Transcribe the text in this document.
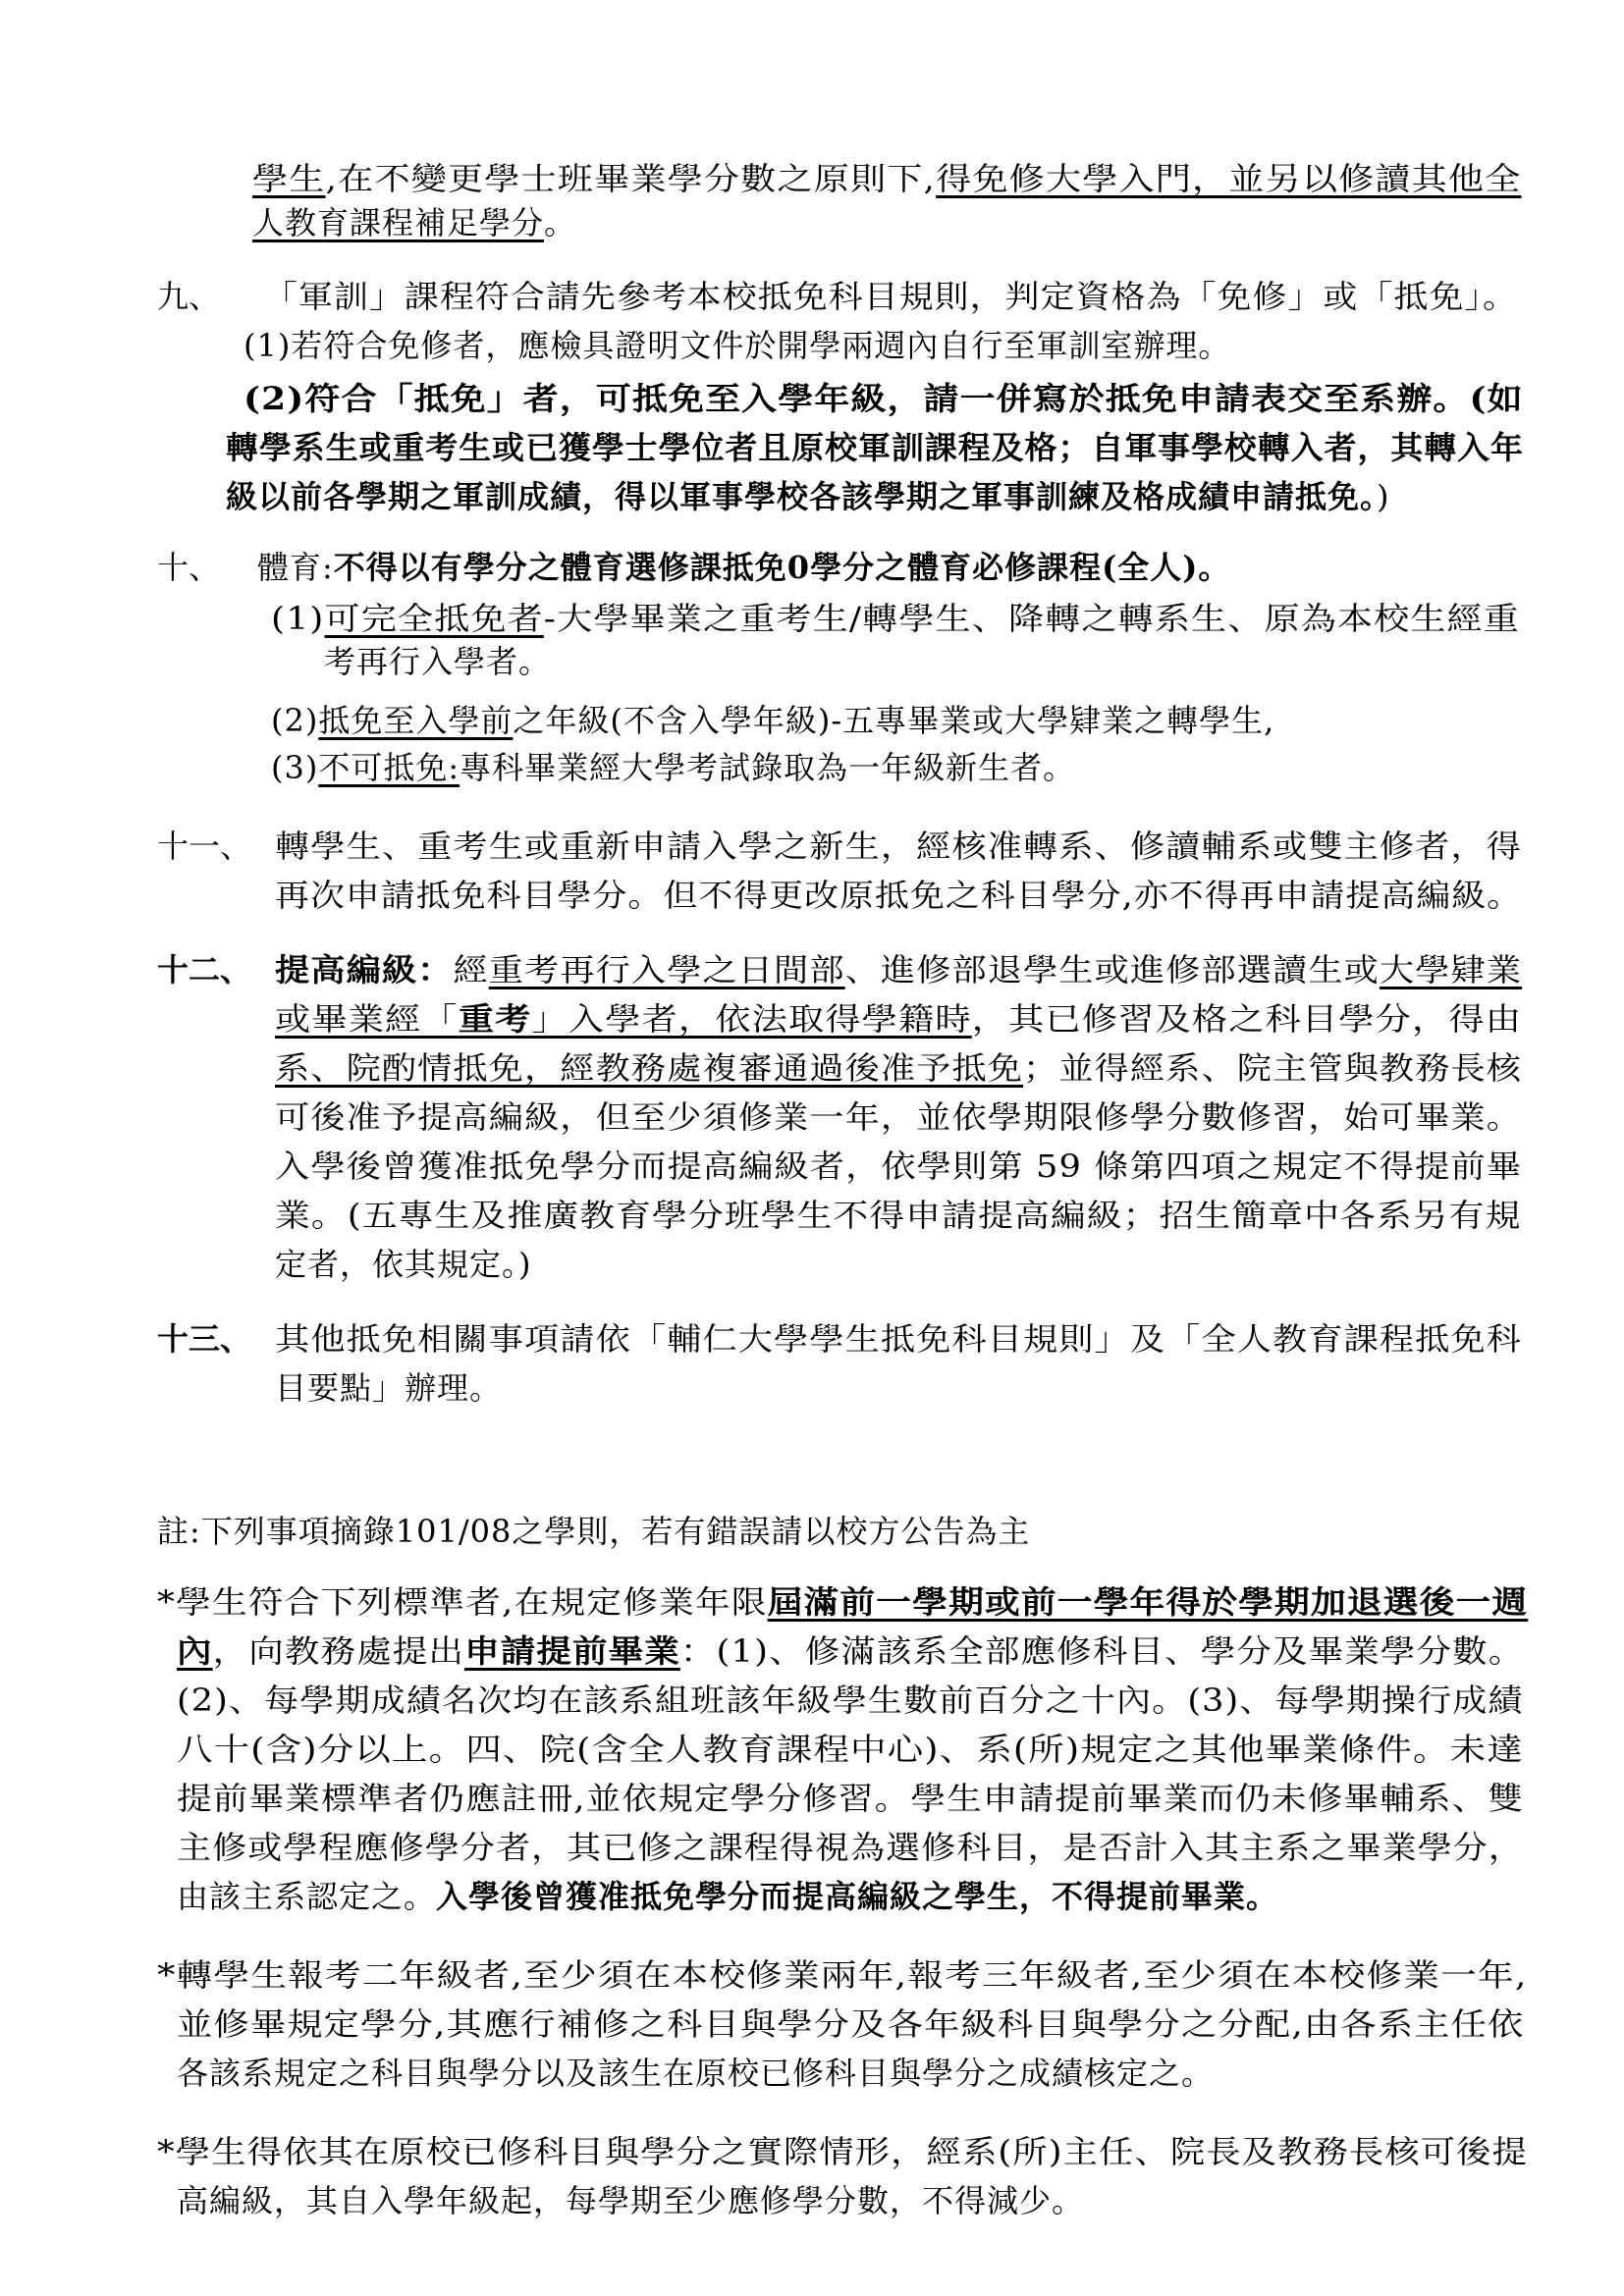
學生,在不變更學士班畢業學分數之原則下,得免修大學入門，並另以修讀其他全
人教育課程補足學分。
九、 「軍訓」課程符合請先參考本校抵免科目規則，判定資格為「免修」或「抵免」。
(1)若符合免修者，應檢具證明文件於開學兩週內自行至軍訓室辦理。
(2)符合「抵免」者，可抵免至入學年級，請一併寫於抵免申請表交至系辦。(如
轉學系生或重考生或已獲學士學位者且原校軍訓課程及格；自軍事學校轉入者，其轉入年
級以前各學期之軍訓成績，得以軍事學校各該學期之軍事訓練及格成績申請抵免。)
十、 體育:不得以有學分之體育選修課抵免0學分之體育必修課程(全人)。
(1)可完全抵免者-大學畢業之重考生/轉學生、降轉之轉系生、原為本校生經重
考再行入學者。
(2)抵免至入學前之年級(不含入學年級)-五專畢業或大學肄業之轉學生,
(3)不可抵免:專科畢業經大學考試錄取為一年級新生者。
十一、 轉學生、重考生或重新申請入學之新生，經核准轉系、修讀輔系或雙主修者，得
再次申請抵免科目學分。但不得更改原抵免之科目學分,亦不得再申請提高編級。
十二、 提高編級：經重考再行入學之日間部、進修部退學生或進修部選讀生或大學肄業
或畢業經「重考」入學者，依法取得學籍時，其已修習及格之科目學分，得由
系、院酌情抵免，經教務處複審通過後准予抵免；並得經系、院主管與教務長核
可後准予提高編級，但至少須修業一年，並依學期限修學分數修習，始可畢業。
入學後曾獲准抵免學分而提高編級者，依學則第 59 條第四項之規定不得提前畢
業。(五專生及推廣教育學分班學生不得申請提高編級；招生簡章中各系另有規
定者，依其規定。)
十三、 其他抵免相關事項請依「輔仁大學學生抵免科目規則」及「全人教育課程抵免科
目要點」辦理。
註:下列事項摘錄101/08之學則，若有錯誤請以校方公告為主
*學生符合下列標準者,在規定修業年限屆滿前一學期或前一學年得於學期加退選後一週
內，向教務處提出申請提前畢業：(1)、修滿該系全部應修科目、學分及畢業學分數。
(2)、每學期成績名次均在該系組班該年級學生數前百分之十內。(3)、每學期操行成績
八十(含)分以上。四、院(含全人教育課程中心)、系(所)規定之其他畢業條件。未達
提前畢業標準者仍應註冊,並依規定學分修習。學生申請提前畢業而仍未修畢輔系、雙
主修或學程應修學分者，其已修之課程得視為選修科目，是否計入其主系之畢業學分，
由該主系認定之。入學後曾獲准抵免學分而提高編級之學生，不得提前畢業。
*轉學生報考二年級者,至少須在本校修業兩年,報考三年級者,至少須在本校修業一年,
並修畢規定學分,其應行補修之科目與學分及各年級科目與學分之分配,由各系主任依
各該系規定之科目與學分以及該生在原校已修科目與學分之成績核定之。
*學生得依其在原校已修科目與學分之實際情形，經系(所)主任、院長及教務長核可後提
高編級，其自入學年級起，每學期至少應修學分數，不得減少。
